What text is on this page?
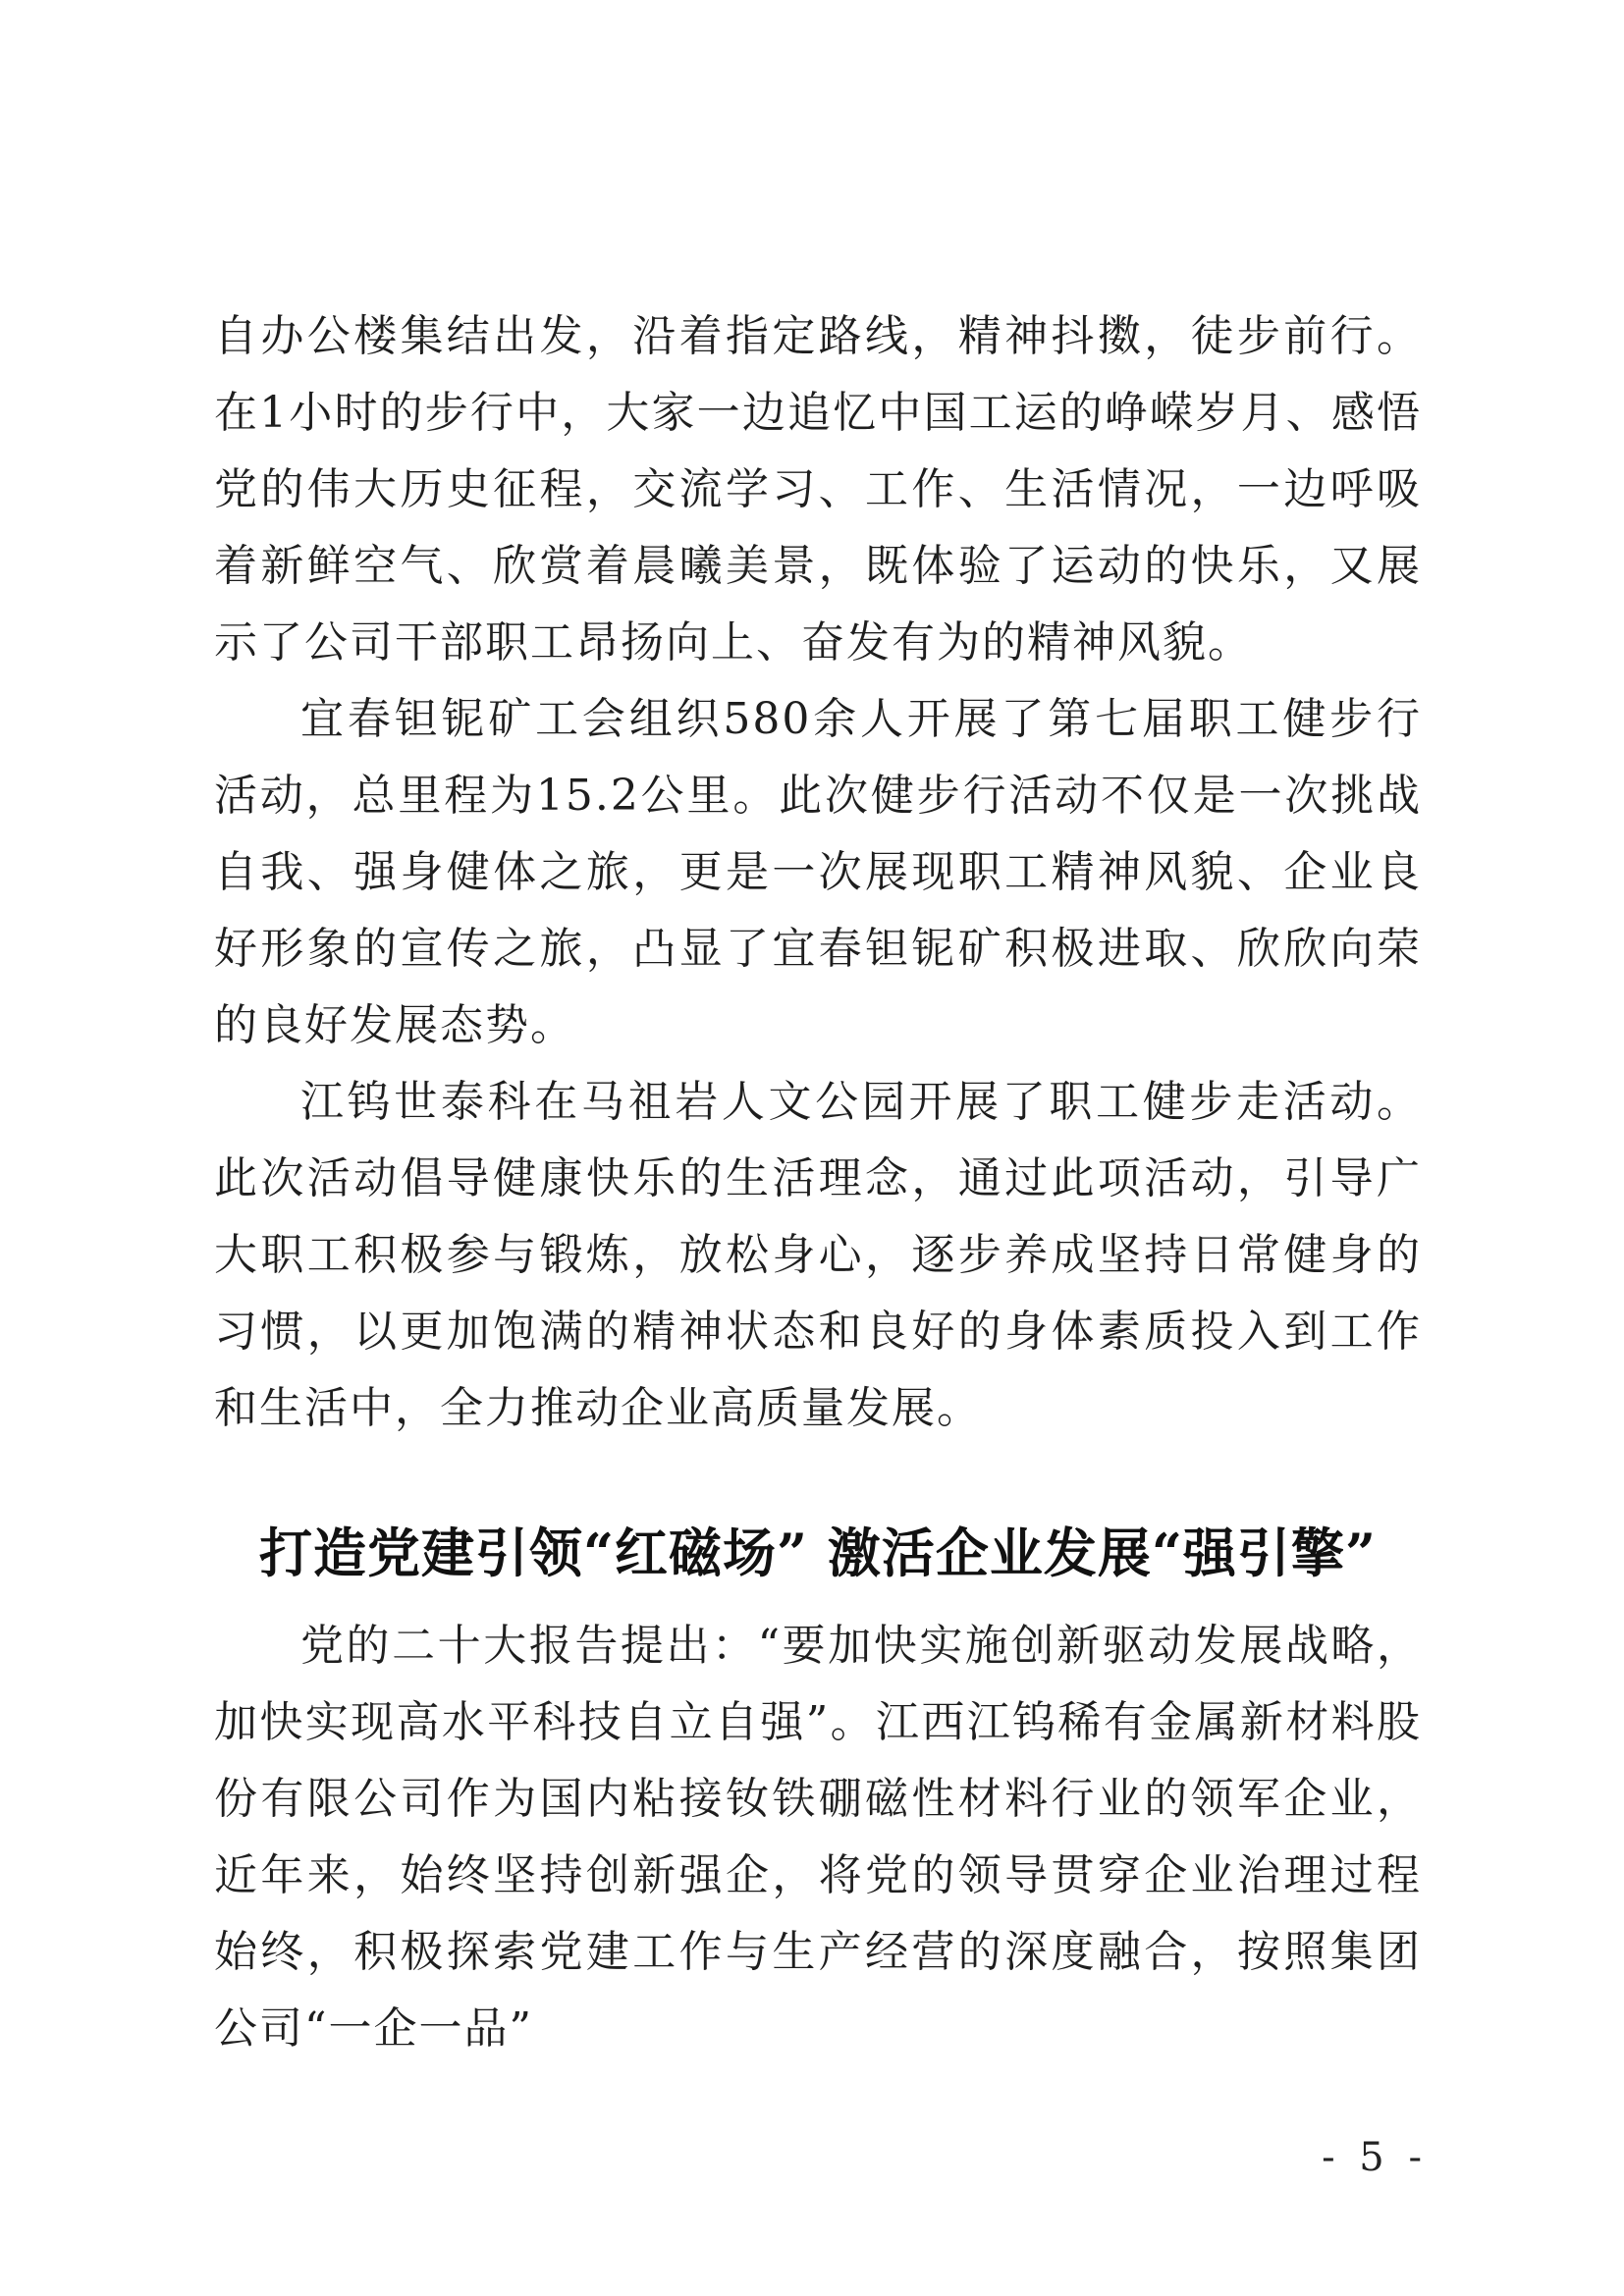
自办公楼集结出发，沿着指定路线，精神抖擞，徒步前行。在1小时的步行中，大家一边追忆中国工运的峥嵘岁月、感悟党的伟大历史征程，交流学习、工作、生活情况，一边呼吸着新鲜空气、欣赏着晨曦美景，既体验了运动的快乐，又展示了公司干部职工昂扬向上、奋发有为的精神风貌。

宜春钽铌矿工会组织580余人开展了第七届职工健步行活动，总里程为15.2公里。此次健步行活动不仅是一次挑战自我、强身健体之旅，更是一次展现职工精神风貌、企业良好形象的宣传之旅，凸显了宜春钽铌矿积极进取、欣欣向荣的良好发展态势。

江钨世泰科在马祖岩人文公园开展了职工健步走活动。此次活动倡导健康快乐的生活理念，通过此项活动，引导广大职工积极参与锻炼，放松身心，逐步养成坚持日常健身的习惯，以更加饱满的精神状态和良好的身体素质投入到工作和生活中，全力推动企业高质量发展。

打造党建引领“红磁场” 激活企业发展“强引擎”

党的二十大报告提出：“要加快实施创新驱动发展战略，加快实现高水平科技自立自强”。江西江钨稀有金属新材料股份有限公司作为国内粘接钕铁硼磁性材料行业的领军企业，近年来，始终坚持创新强企，将党的领导贯穿企业治理过程始终，积极探索党建工作与生产经营的深度融合，按照集团公司“一企一品”

- 5 -
